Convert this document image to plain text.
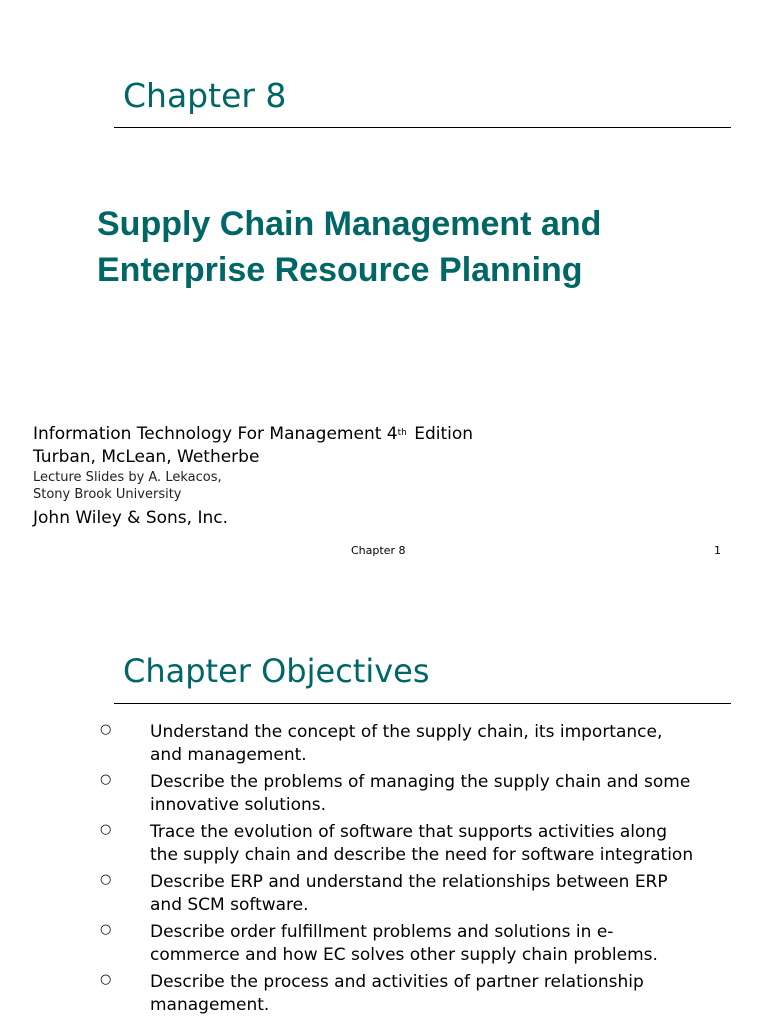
Chapter 8
Supply Chain Management and
Enterprise Resource Planning
Information Technology For Management 4th Edition
Turban, McLean, Wetherbe
Lecture Slides by A. Lekacos,
Stony Brook University
John Wiley & Sons, Inc.
Chapter 8	1
Chapter Objectives
○ Understand the concept of the supply chain, its importance,
and management.
○ Describe the problems of managing the supply chain and some
innovative solutions.
○ Trace the evolution of software that supports activities along
the supply chain and describe the need for software integration
○ Describe ERP and understand the relationships between ERP
and SCM software.
○ Describe order fulfillment problems and solutions in e-
commerce and how EC solves other supply chain problems.
○ Describe the process and activities of partner relationship
management.
